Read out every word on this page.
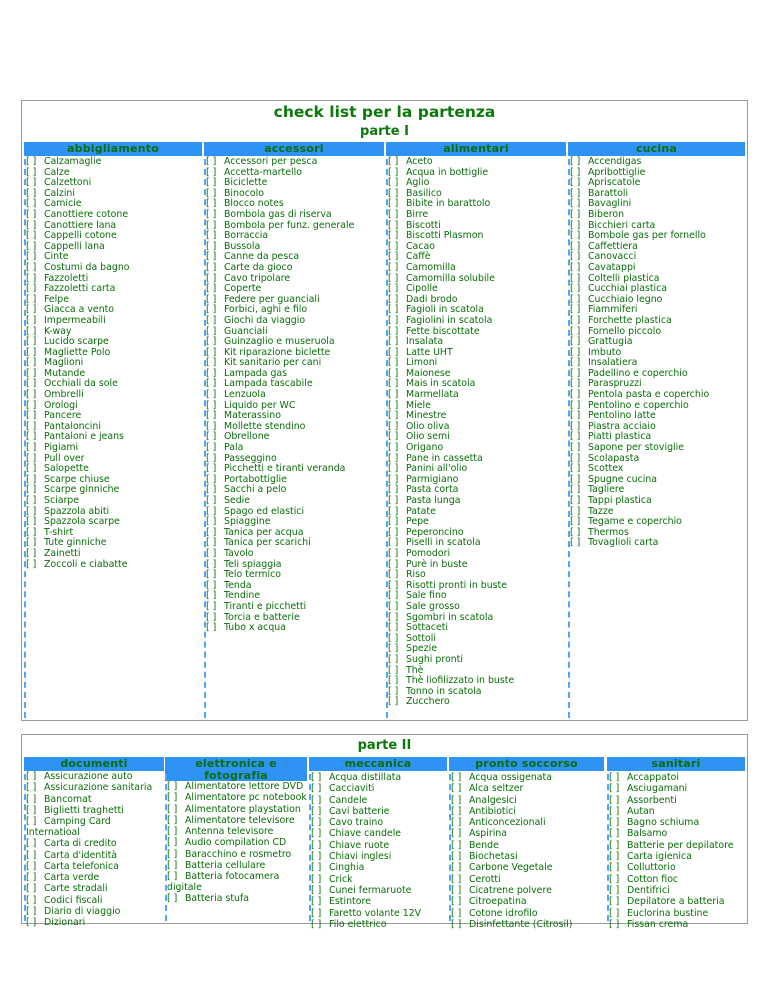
check list per la partenza
parte I
abbigliamento
[ ] Calzamaglie
[ ] Calze
[ ] Calzettoni
[ ] Calzini
[ ] Camicie
[ ] Canottiere cotone
[ ] Canottiere lana
[ ] Cappelli cotone
[ ] Cappelli lana
[ ] Cinte
[ ] Costumi da bagno
[ ] Fazzoletti
[ ] Fazzoletti carta
[ ] Felpe
[ ] Giacca a vento
[ ] Impermeabili
[ ] K-way
[ ] Lucido scarpe
[ ] Magliette Polo
[ ] Maglioni
[ ] Mutande
[ ] Occhiali da sole
[ ] Ombrelli
[ ] Orologi
[ ] Pancere
[ ] Pantaloncini
[ ] Pantaloni e jeans
[ ] Pigiami
[ ] Pull over
[ ] Salopette
[ ] Scarpe chiuse
[ ] Scarpe ginniche
[ ] Sciarpe
[ ] Spazzola abiti
[ ] Spazzola scarpe
[ ] T-shirt
[ ] Tute ginniche
[ ] Zainetti
[ ] Zoccoli e ciabatte
accessori
[ ] Accessori per pesca
[ ] Accetta-martello
[ ] Biciclette
[ ] Binocolo
[ ] Blocco notes
[ ] Bombola gas di riserva
[ ] Bombola per funz. generale
[ ] Borraccia
[ ] Bussola
[ ] Canne da pesca
[ ] Carte da gioco
[ ] Cavo tripolare
[ ] Coperte
[ ] Federe per guanciali
[ ] Forbici, aghi e filo
[ ] Giochi da viaggio
[ ] Guanciali
[ ] Guinzaglio e museruola
[ ] Kit riparazione biclette
[ ] Kit sanitario per cani
[ ] Lampada gas
[ ] Lampada tascabile
[ ] Lenzuola
[ ] Liquido per WC
[ ] Materassino
[ ] Mollette stendino
[ ] Obrellone
[ ] Pala
[ ] Passeggino
[ ] Picchetti e tiranti veranda
[ ] Portabottiglie
[ ] Sacchi a pelo
[ ] Sedie
[ ] Spago ed elastici
[ ] Spiaggine
[ ] Tanica per acqua
[ ] Tanica per scarichi
[ ] Tavolo
[ ] Teli spiaggia
[ ] Telo termico
[ ] Tenda
[ ] Tendine
[ ] Tiranti e picchetti
[ ] Torcia e batterie
[ ] Tubo x acqua
alimentari
[ ] Aceto
[ ] Acqua in bottiglie
[ ] Aglio
[ ] Basilico
[ ] Bibite in barattolo
[ ] Birre
[ ] Biscotti
[ ] Biscotti Plasmon
[ ] Cacao
[ ] Caffè
[ ] Camomilla
[ ] Camomilla solubile
[ ] Cipolle
[ ] Dadi brodo
[ ] Fagioli in scatola
[ ] Fagiolini in scatola
[ ] Fette biscottate
[ ] Insalata
[ ] Latte UHT
[ ] Limoni
[ ] Maionese
[ ] Mais in scatola
[ ] Marmellata
[ ] Miele
[ ] Minestre
[ ] Olio oliva
[ ] Olio semi
[ ] Origano
[ ] Pane in cassetta
[ ] Panini all'olio
[ ] Parmigiano
[ ] Pasta corta
[ ] Pasta lunga
[ ] Patate
[ ] Pepe
[ ] Peperoncino
[ ] Piselli in scatola
[ ] Pomodori
[ ] Purè in buste
[ ] Riso
[ ] Risotti pronti in buste
[ ] Sale fino
[ ] Sale grosso
[ ] Sgombri in scatola
[ ] Sottaceti
[ ] Sottoli
[ ] Spezie
[ ] Sughi pronti
[ ] Thè
[ ] Thè liofilizzato in buste
[ ] Tonno in scatola
[ ] Zucchero
cucina
[ ] Accendigas
[ ] Apribottiglie
[ ] Apriscatole
[ ] Barattoli
[ ] Bavaglini
[ ] Biberon
[ ] Bicchieri carta
[ ] Bombole gas per fornello
[ ] Caffettiera
[ ] Canovacci
[ ] Cavatappi
[ ] Coltelli plastica
[ ] Cucchiai plastica
[ ] Cucchiaio legno
[ ] Fiammiferi
[ ] Forchette plastica
[ ] Fornello piccolo
[ ] Grattugia
[ ] Imbuto
[ ] Insalatiera
[ ] Padellino e coperchio
[ ] Paraspruzzi
[ ] Pentola pasta e coperchio
[ ] Pentolino e coperchio
[ ] Pentolino latte
[ ] Piastra acciaio
[ ] Piatti plastica
[ ] Sapone per stoviglie
[ ] Scolapasta
[ ] Scottex
[ ] Spugne cucina
[ ] Tagliere
[ ] Tappi plastica
[ ] Tazze
[ ] Tegame e coperchio
[ ] Thermos
[ ] Tovaglioli carta
parte II
documenti
[ ] Assicurazione auto
[ ] Assicurazione sanitaria
[ ] Bancomat
[ ] Biglietti traghetti
[ ] Camping Card Internatioal
[ ] Carta di credito
[ ] Carta d'identità
[ ] Carta telefonica
[ ] Carta verde
[ ] Carte stradali
[ ] Codici fiscali
[ ] Diario di viaggio
[ ] Dizionari
elettronica e fotografia
[ ] Alimentatore lettore DVD
[ ] Alimentatore pc notebook
[ ] Alimentatore playstation
[ ] Alimentatore televisore
[ ] Antenna televisore
[ ] Audio compilation CD
[ ] Baracchino e rosmetro
[ ] Batteria cellulare
[ ] Batteria fotocamera digitale
[ ] Batteria stufa
meccanica
[ ] Acqua distillata
[ ] Cacciaviti
[ ] Candele
[ ] Cavi batterie
[ ] Cavo traino
[ ] Chiave candele
[ ] Chiave ruote
[ ] Chiavi inglesi
[ ] Cinghia
[ ] Crick
[ ] Cunei fermaruote
[ ] Estintore
[ ] Faretto volante 12V
[ ] Filo elettrico
pronto soccorso
[ ] Acqua ossigenata
[ ] Alca seltzer
[ ] Analgesici
[ ] Antibiotici
[ ] Anticoncezionali
[ ] Aspirina
[ ] Bende
[ ] Biochetasi
[ ] Carbone Vegetale
[ ] Cerotti
[ ] Cicatrene polvere
[ ] Citroepatina
[ ] Cotone idrofilo
[ ] Disinfettante (Citrosil)
sanitari
[ ] Accappatoi
[ ] Asciugamani
[ ] Assorbenti
[ ] Autan
[ ] Bagno schiuma
[ ] Balsamo
[ ] Batterie per depilatore
[ ] Carta igienica
[ ] Colluttorio
[ ] Cotton fioc
[ ] Dentifrici
[ ] Depilatore a batteria
[ ] Euclorina bustine
[ ] Fissan crema
